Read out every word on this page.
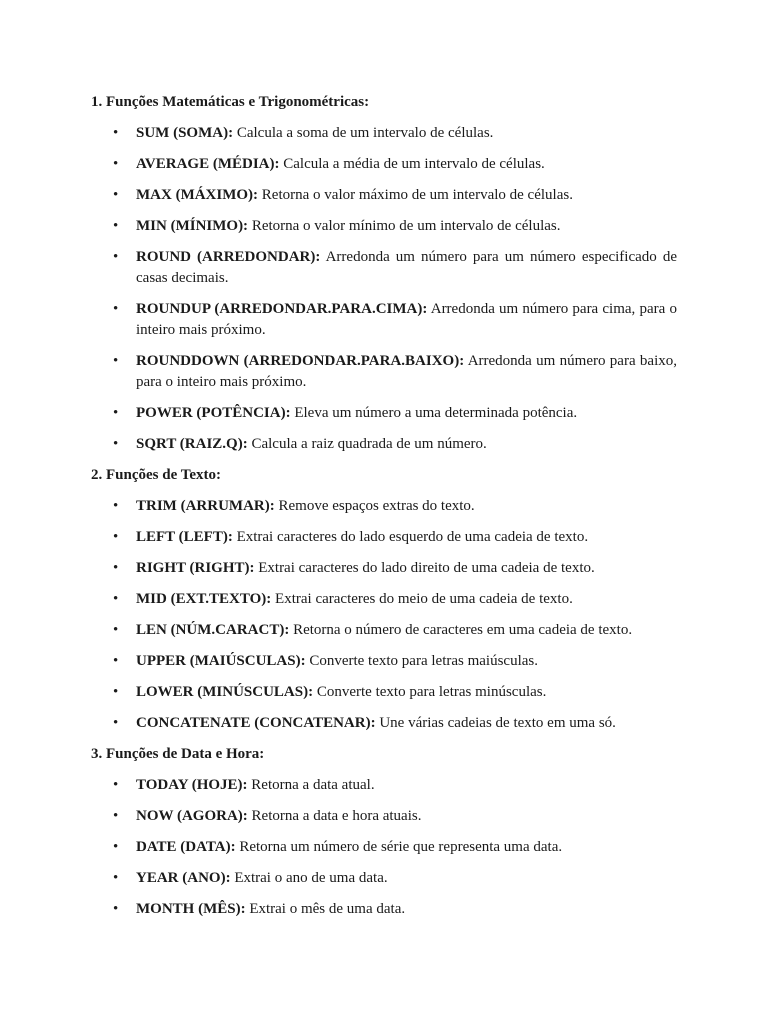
1. Funções Matemáticas e Trigonométricas:
• SUM (SOMA): Calcula a soma de um intervalo de células.
• AVERAGE (MÉDIA): Calcula a média de um intervalo de células.
• MAX (MÁXIMO): Retorna o valor máximo de um intervalo de células.
• MIN (MÍNIMO): Retorna o valor mínimo de um intervalo de células.
• ROUND (ARREDONDAR): Arredonda um número para um número especificado de casas decimais.
• ROUNDUP (ARREDONDAR.PARA.CIMA): Arredonda um número para cima, para o inteiro mais próximo.
• ROUNDDOWN (ARREDONDAR.PARA.BAIXO): Arredonda um número para baixo, para o inteiro mais próximo.
• POWER (POTÊNCIA): Eleva um número a uma determinada potência.
• SQRT (RAIZ.Q): Calcula a raiz quadrada de um número.
2. Funções de Texto:
• TRIM (ARRUMAR): Remove espaços extras do texto.
• LEFT (LEFT): Extrai caracteres do lado esquerdo de uma cadeia de texto.
• RIGHT (RIGHT): Extrai caracteres do lado direito de uma cadeia de texto.
• MID (EXT.TEXTO): Extrai caracteres do meio de uma cadeia de texto.
• LEN (NÚM.CARACT): Retorna o número de caracteres em uma cadeia de texto.
• UPPER (MAIÚSCULAS): Converte texto para letras maiúsculas.
• LOWER (MINÚSCULAS): Converte texto para letras minúsculas.
• CONCATENATE (CONCATENAR): Une várias cadeias de texto em uma só.
3. Funções de Data e Hora:
• TODAY (HOJE): Retorna a data atual.
• NOW (AGORA): Retorna a data e hora atuais.
• DATE (DATA): Retorna um número de série que representa uma data.
• YEAR (ANO): Extrai o ano de uma data.
• MONTH (MÊS): Extrai o mês de uma data.
